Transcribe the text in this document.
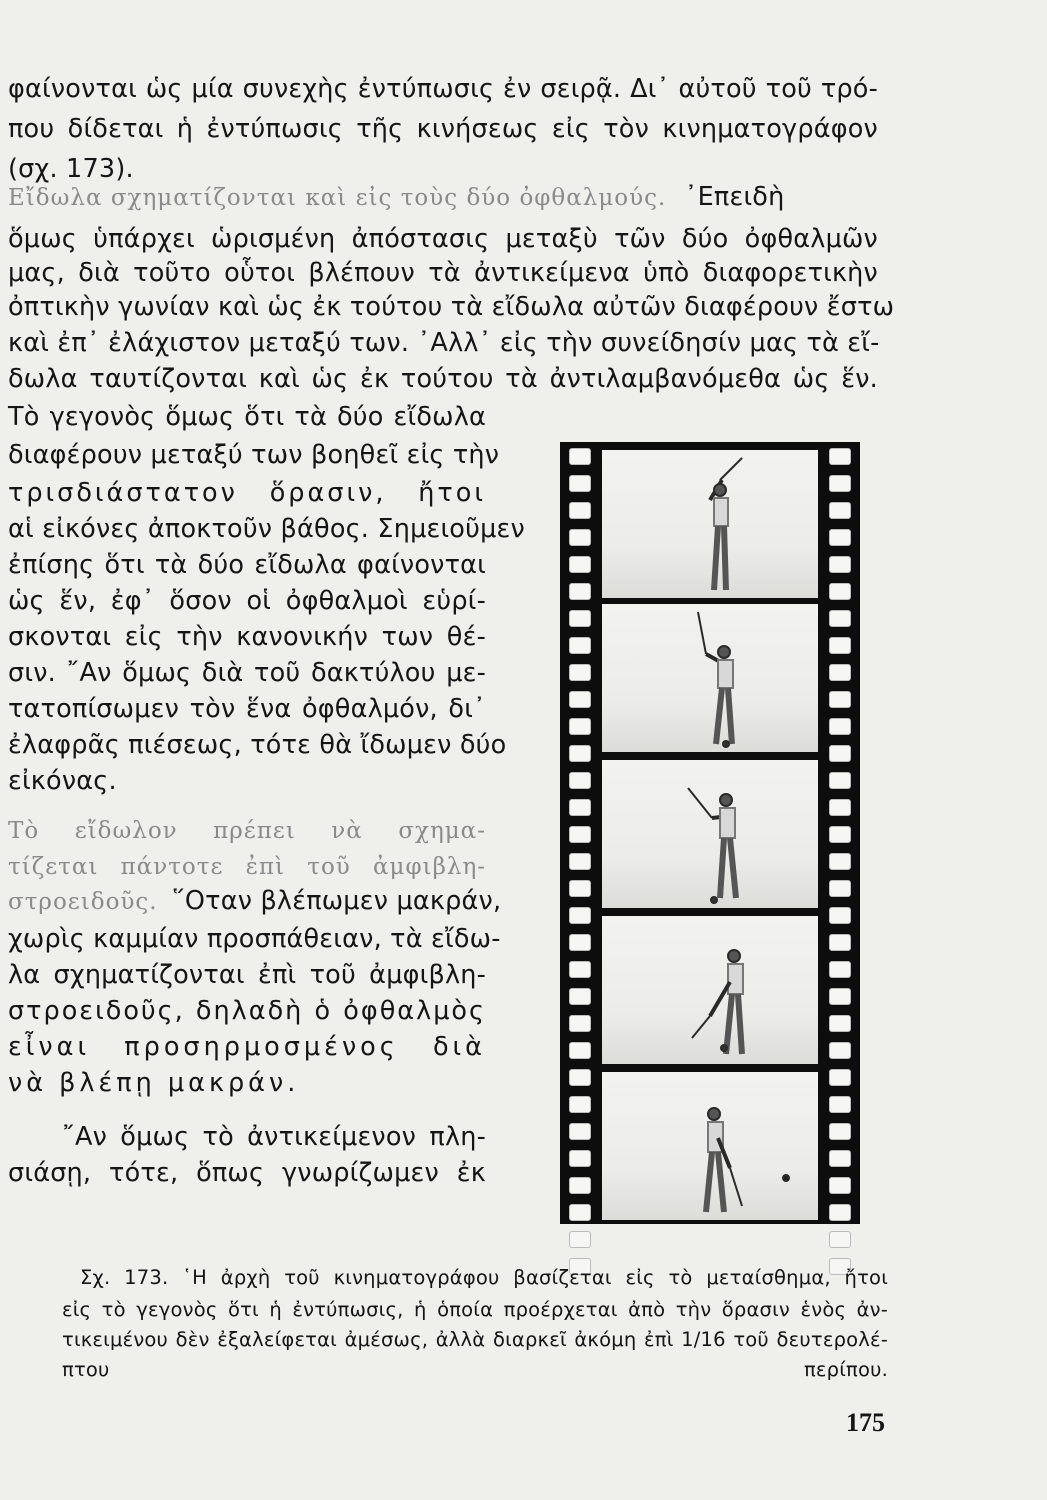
φαίνονται ὡς μία συνεχὴς ἐντύπωσις ἐν σειρᾷ. Δι᾿ αὐτοῦ τοῦ τρό-
που δίδεται ἡ ἐντύπωσις τῆς κινήσεως εἰς τὸν κινηματογράφον
(σχ. 173).
Εἴδωλα σχηματίζονται καὶ εἰς τοὺς δύο ὀφθαλμούς. ᾿Επειδὴ
ὅμως ὑπάρχει ὡρισμένη ἀπόστασις μεταξὺ τῶν δύο ὀφθαλμῶν
μας, διὰ τοῦτο οὗτοι βλέπουν τὰ ἀντικείμενα ὑπὸ διαφορετικὴν
ὀπτικὴν γωνίαν καὶ ὡς ἐκ τούτου τὰ εἴδωλα αὐτῶν διαφέρουν ἔστω
καὶ ἐπ᾿ ἐλάχιστον μεταξύ των. ᾿Αλλ᾿ εἰς τὴν συνείδησίν μας τὰ εἴ-
δωλα ταυτίζονται καὶ ὡς ἐκ τούτου τὰ ἀντιλαμβανόμεθα ὡς ἕν.
Τὸ γεγονὸς ὅμως ὅτι τὰ δύο εἴδωλα
διαφέρουν μεταξύ των βοηθεῖ εἰς τὴν
τρισδιάστατον ὅρασιν, ἤτοι
αἱ εἰκόνες ἀποκτοῦν βάθος. Σημειοῦμεν
ἐπίσης ὅτι τὰ δύο εἴδωλα φαίνονται
ὡς ἕν, ἐφ᾿ ὅσον οἱ ὀφθαλμοὶ εὑρί-
σκονται εἰς τὴν κανονικήν των θέ-
σιν. ῎Αν ὅμως διὰ τοῦ δακτύλου με-
τατοπίσωμεν τὸν ἕνα ὀφθαλμόν, δι᾿
ἐλαφρᾶς πιέσεως, τότε θὰ ἴδωμεν δύο
εἰκόνας.
Τὸ εἴδωλον πρέπει νὰ σχημα-
τίζεται πάντοτε ἐπὶ τοῦ ἀμφιβλη-
στροειδοῦς. ῞Οταν βλέπωμεν μακράν,
χωρὶς καμμίαν προσπάθειαν, τὰ εἴδω-
λα σχηματίζονται ἐπὶ τοῦ ἀμφιβλη-
στροειδοῦς, δηλαδὴ ὁ ὀφθαλμὸς
εἶναι προσηρμοσμένος διὰ
νὰ βλέπῃ μακράν.
῎Αν ὅμως τὸ ἀντικείμενον πλη-
σιάσῃ, τότε, ὅπως γνωρίζωμεν ἐκ
Σχ. 173. ῾Η ἀρχὴ τοῦ κινηματογράφου βασίζεται εἰς τὸ μεταίσθημα, ἤτοι
εἰς τὸ γεγονὸς ὅτι ἡ ἐντύπωσις, ἡ ὁποία προέρχεται ἀπὸ τὴν ὅρασιν ἑνὸς ἀν-
τικειμένου δὲν ἐξαλείφεται ἀμέσως, ἀλλὰ διαρκεῖ ἀκόμη ἐπὶ 1/16 τοῦ δευτερολέ-
πτου περίπου.
175
